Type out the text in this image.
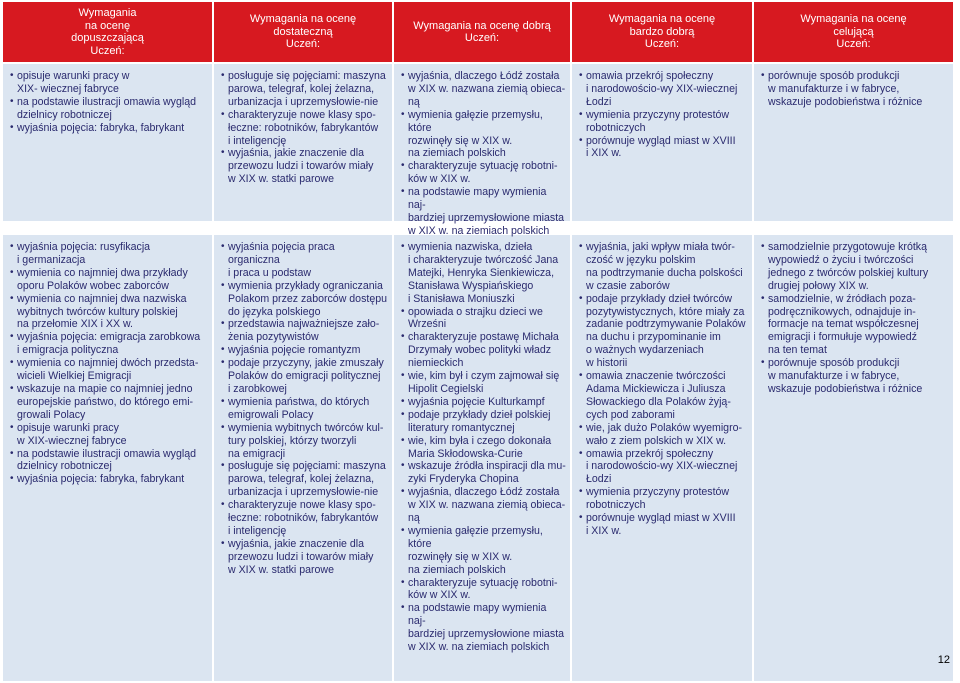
Wymagania
na ocenę
dopuszczającą
Uczeń:
Wymagania na ocenę
dostateczną
Uczeń:
Wymagania na ocenę dobrą
Uczeń:
Wymagania na ocenę
bardzo dobrą
Uczeń:
Wymagania na ocenę
celującą
Uczeń:
• opisuje warunki pracy w
XIX- wiecznej fabryce
• na podstawie ilustracji omawia wygląd
dzielnicy robotniczej
• wyjaśnia pojęcia: fabryka, fabrykant
• posługuje się pojęciami: maszyna
parowa, telegraf, kolej żelazna,
urbanizacja i uprzemysłowie-nie
• charakteryzuje nowe klasy spo-
łeczne: robotników, fabrykantów
i inteligencję
• wyjaśnia, jakie znaczenie dla
przewozu ludzi i towarów miały
w XIX w. statki parowe
• wyjaśnia, dlaczego Łódź została
w XIX w. nazwana ziemią obieca-
ną
• wymienia gałęzie przemysłu, które
rozwinęły się w XIX w.
na ziemiach polskich
• charakteryzuje sytuację robotni-
ków w XIX w.
• na podstawie mapy wymienia naj-
bardziej uprzemysłowione miasta
w XIX w. na ziemiach polskich
• omawia przekrój społeczny
i narodowościo-wy XIX-wiecznej
Łodzi
• wymienia przyczyny protestów
robotniczych
• porównuje wygląd miast w XVIII
i XIX w.
• porównuje sposób produkcji
w manufakturze i w fabryce,
wskazuje podobieństwa i różnice
• wyjaśnia pojęcia: rusyfikacja
i germanizacja
• wymienia co najmniej dwa przykłady
oporu Polaków wobec zaborców
• wymienia co najmniej dwa nazwiska
wybitnych twórców kultury polskiej
na przełomie XIX i XX w.
• wyjaśnia pojęcia: emigracja zarobkowa
i emigracja polityczna
• wymienia co najmniej dwóch przedsta-
wicieli Wielkiej Emigracji
• wskazuje na mapie co najmniej jedno
europejskie państwo, do którego emi-
growali Polacy
• opisuje warunki pracy
w XIX-wiecznej fabryce
• na podstawie ilustracji omawia wygląd
dzielnicy robotniczej
• wyjaśnia pojęcia: fabryka, fabrykant
• wyjaśnia pojęcia praca organiczna
i praca u podstaw
• wymienia przykłady ograniczania
Polakom przez zaborców dostępu
do języka polskiego
• przedstawia najważniejsze zało-
żenia pozytywistów
• wyjaśnia pojęcie romantyzm
• podaje przyczyny, jakie zmuszały
Polaków do emigracji politycznej
i zarobkowej
• wymienia państwa, do których
emigrowali Polacy
• wymienia wybitnych twórców kul-
tury polskiej, którzy tworzyli
na emigracji
• posługuje się pojęciami: maszyna
parowa, telegraf, kolej żelazna,
urbanizacja i uprzemysłowie-nie
• charakteryzuje nowe klasy spo-
łeczne: robotników, fabrykantów
i inteligencję
• wyjaśnia, jakie znaczenie dla
przewozu ludzi i towarów miały
w XIX w. statki parowe
• wymienia nazwiska, dzieła
i charakteryzuje twórczość Jana
Matejki, Henryka Sienkiewicza,
Stanisława Wyspiańskiego
i Stanisława Moniuszki
• opowiada o strajku dzieci we
Wrześni
• charakteryzuje postawę Michała
Drzymały wobec polityki władz
niemieckich
• wie, kim był i czym zajmował się
Hipolit Cegielski
• wyjaśnia pojęcie Kulturkampf
• podaje przykłady dzieł polskiej
literatury romantycznej
• wie, kim była i czego dokonała
Maria Skłodowska-Curie
• wskazuje źródła inspiracji dla mu-
zyki Fryderyka Chopina
• wyjaśnia, dlaczego Łódź została
w XIX w. nazwana ziemią obieca-
ną
• wymienia gałęzie przemysłu, które
rozwinęły się w XIX w.
na ziemiach polskich
• charakteryzuje sytuację robotni-
ków w XIX w.
• na podstawie mapy wymienia naj-
bardziej uprzemysłowione miasta
w XIX w. na ziemiach polskich
• wyjaśnia, jaki wpływ miała twór-
czość w języku polskim
na podtrzymanie ducha polskości
w czasie zaborów
• podaje przykłady dzieł twórców
pozytywistycznych, które miały za
zadanie podtrzymywanie Polaków
na duchu i przypominanie im
o ważnych wydarzeniach
w historii
• omawia znaczenie twórczości
Adama Mickiewicza i Juliusza
Słowackiego dla Polaków żyją-
cych pod zaborami
• wie, jak dużo Polaków wyemigro-
wało z ziem polskich w XIX w.
• omawia przekrój społeczny
i narodowościo-wy XIX-wiecznej
Łodzi
• wymienia przyczyny protestów
robotniczych
• porównuje wygląd miast w XVIII
i XIX w.
• samodzielnie przygotowuje krótką
wypowiedź o życiu i twórczości
jednego z twórców polskiej kultury
drugiej połowy XIX w.
• samodzielnie, w źródłach poza-
podręcznikowych, odnajduje in-
formacje na temat współczesnej
emigracji i formułuje wypowiedź
na ten temat
• porównuje sposób produkcji
w manufakturze i w fabryce,
wskazuje podobieństwa i różnice
12
